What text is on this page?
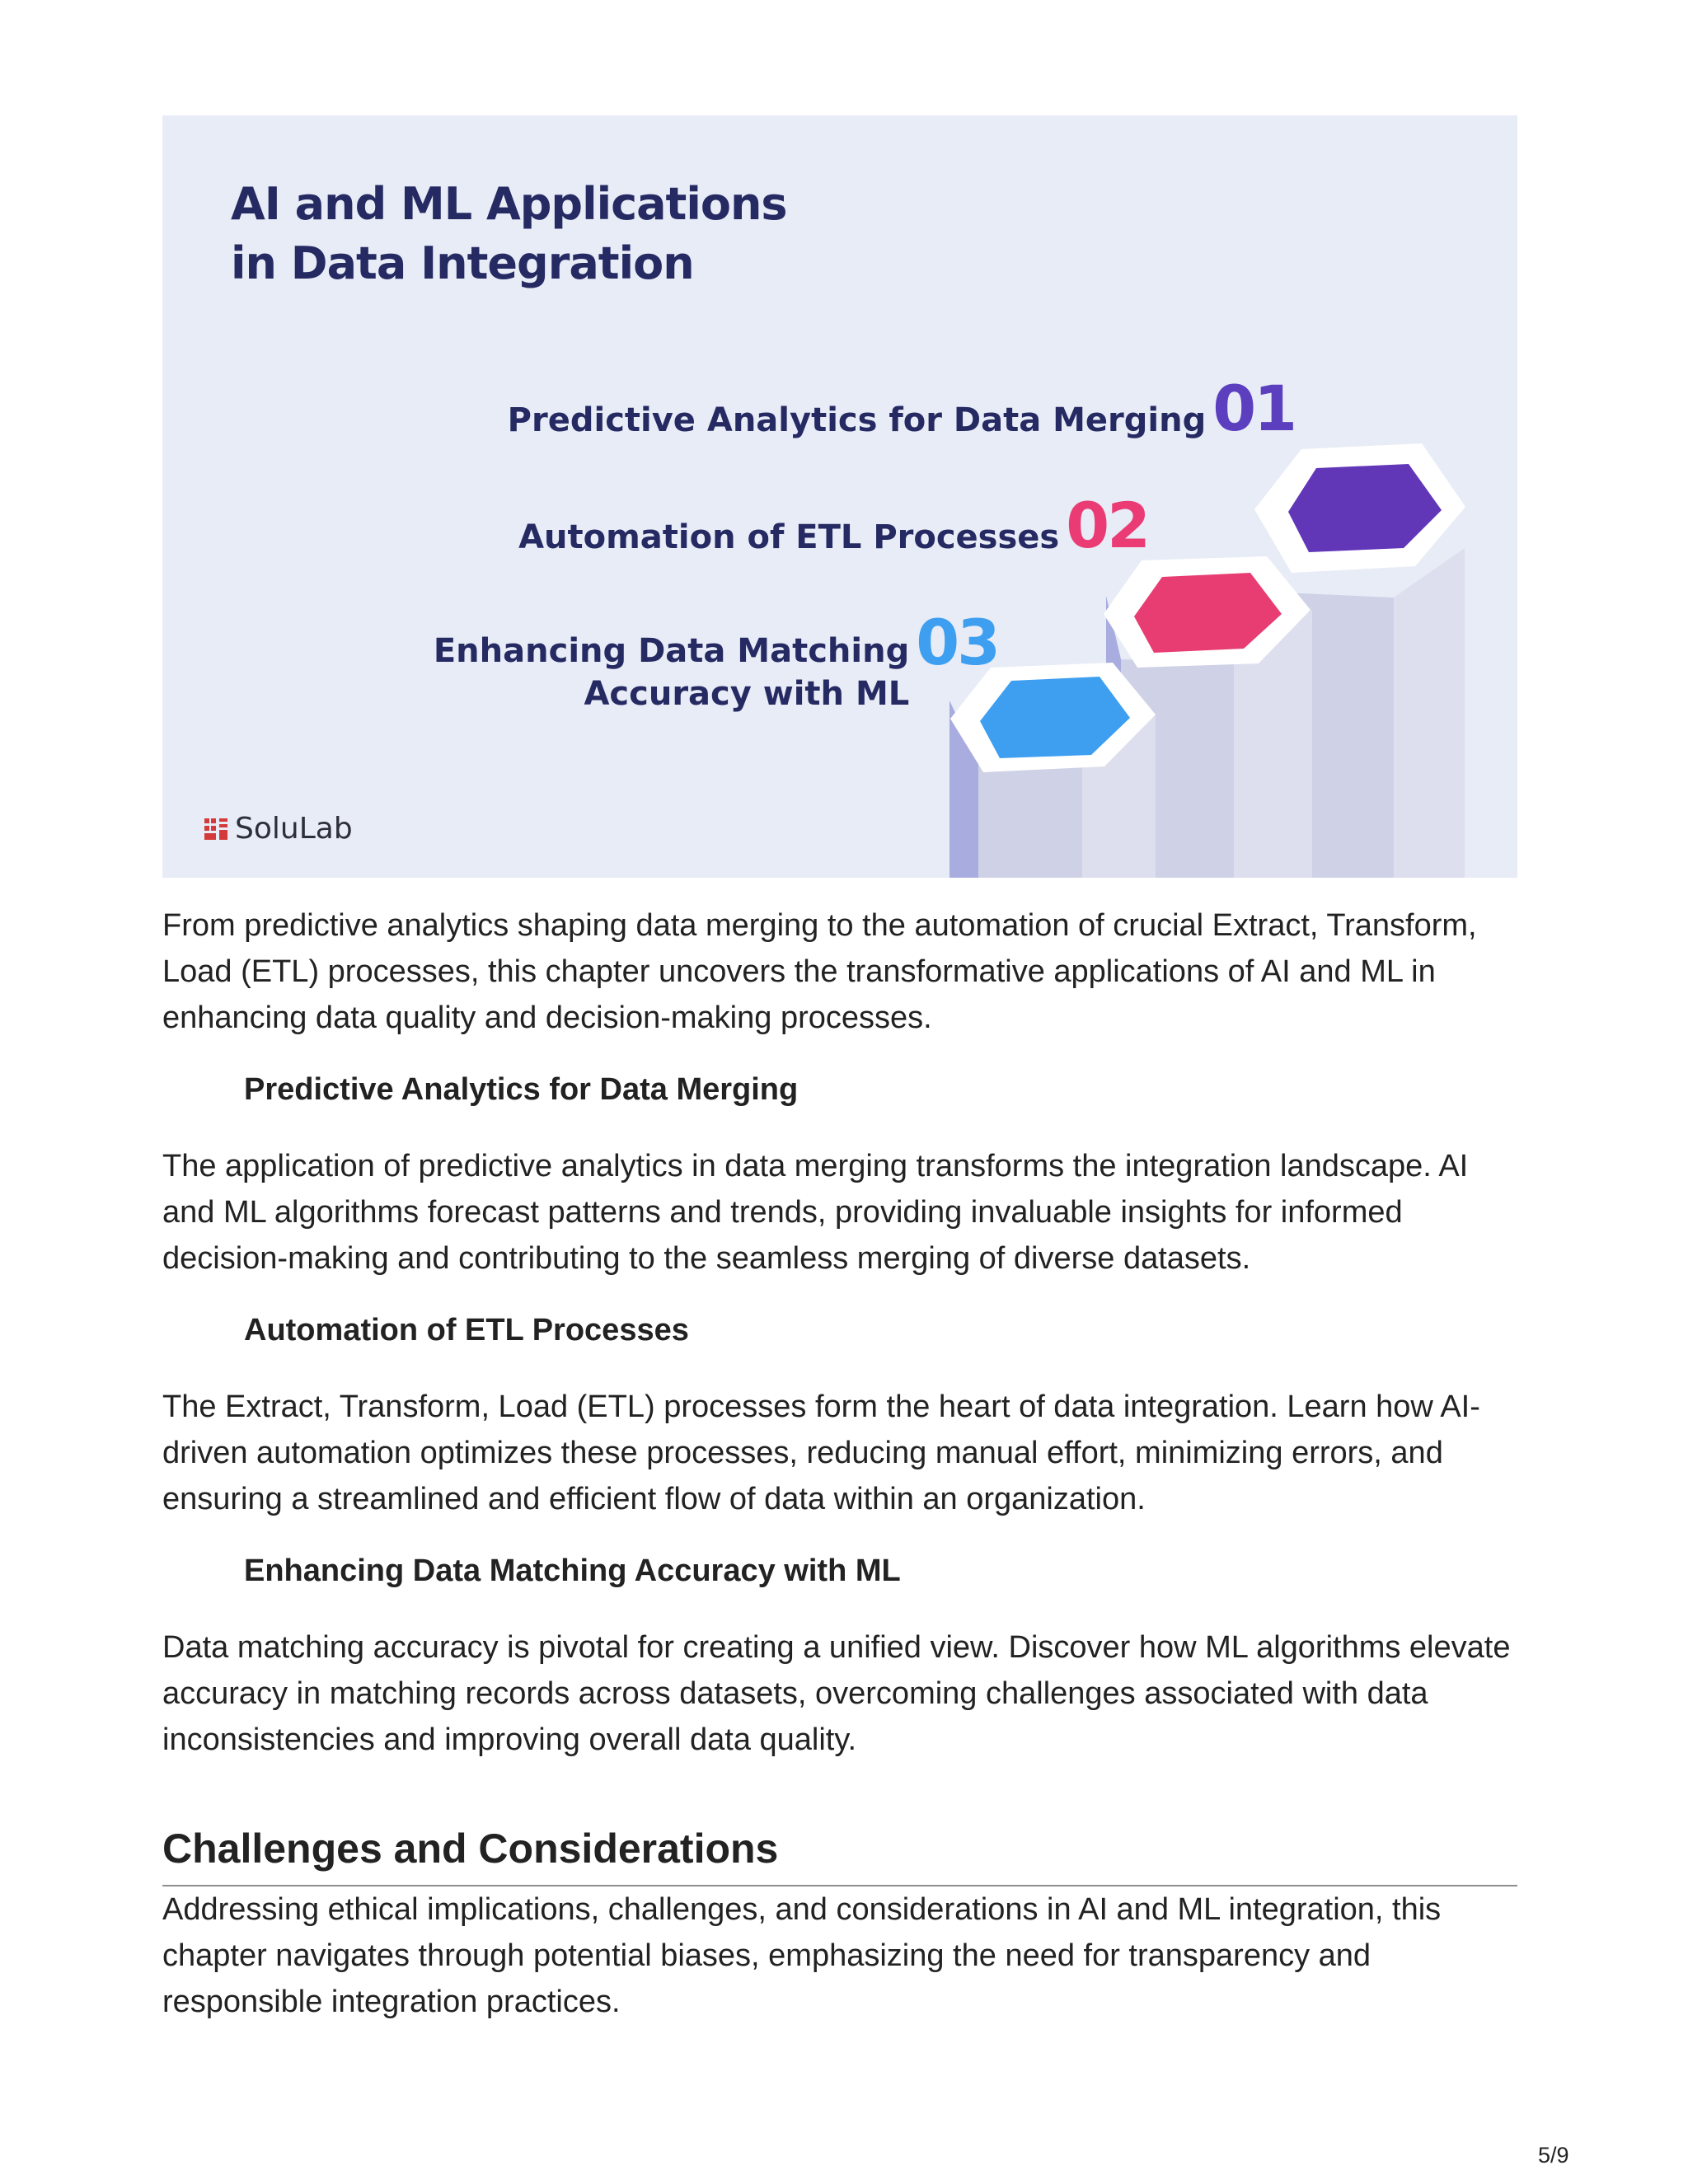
AI and ML Applications
in Data Integration
Predictive Analytics for Data Merging 01
Automation of ETL Processes 02
Enhancing Data Matching
Accuracy with ML
03
SoluLab

From predictive analytics shaping data merging to the automation of crucial Extract, Transform, Load (ETL) processes, this chapter uncovers the transformative applications of AI and ML in enhancing data quality and decision-making processes.

Predictive Analytics for Data Merging

The application of predictive analytics in data merging transforms the integration landscape. AI and ML algorithms forecast patterns and trends, providing invaluable insights for informed decision-making and contributing to the seamless merging of diverse datasets.

Automation of ETL Processes

The Extract, Transform, Load (ETL) processes form the heart of data integration. Learn how AI-driven automation optimizes these processes, reducing manual effort, minimizing errors, and ensuring a streamlined and efficient flow of data within an organization.

Enhancing Data Matching Accuracy with ML

Data matching accuracy is pivotal for creating a unified view. Discover how ML algorithms elevate accuracy in matching records across datasets, overcoming challenges associated with data inconsistencies and improving overall data quality.

Challenges and Considerations

Addressing ethical implications, challenges, and considerations in AI and ML integration, this chapter navigates through potential biases, emphasizing the need for transparency and responsible integration practices.

5/9
